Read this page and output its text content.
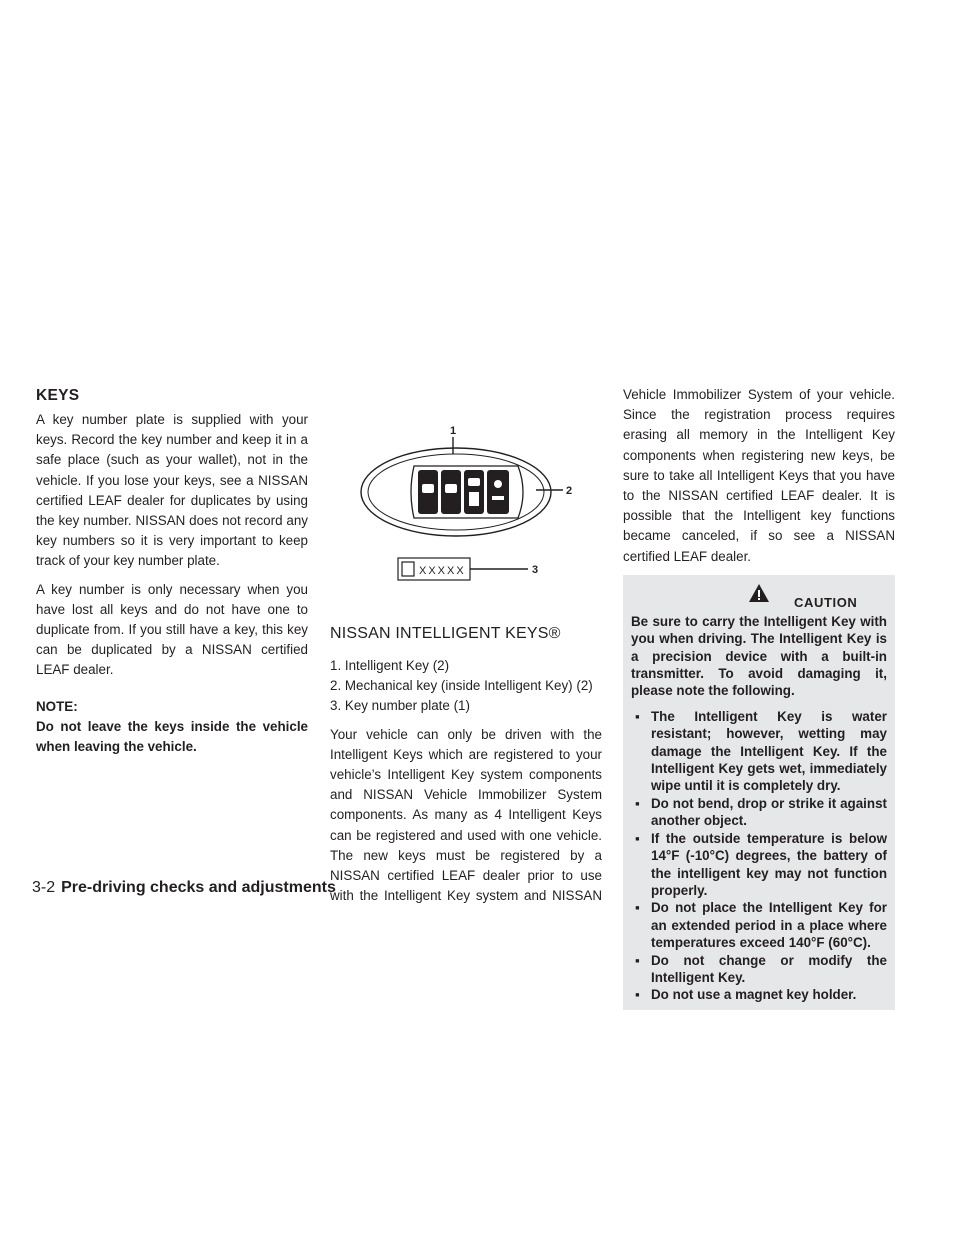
KEYS

A key number plate is supplied with your keys. Record the key number and keep it in a safe place (such as your wallet), not in the vehicle. If you lose your keys, see a NISSAN certified LEAF dealer for duplicates by using the key number. NISSAN does not record any key numbers so it is very important to keep track of your key number plate.

A key number is only necessary when you have lost all keys and do not have one to duplicate from. If you still have a key, this key can be duplicated by a NISSAN certified LEAF dealer.

NOTE:

Do not leave the keys inside the vehicle when leaving the vehicle.

1
2
XXXXX	3
NISSAN INTELLIGENT KEYS®
1. Intelligent Key (2)
2. Mechanical key (inside Intelligent Key) (2)
3. Key number plate (1)

Your vehicle can only be driven with the Intelligent Keys which are registered to your vehicle’s Intelligent Key system components and NISSAN Vehicle Immobilizer System components. As many as 4 Intelligent Keys can be registered and used with one vehicle. The new keys must be registered by a NISSAN certified LEAF dealer prior to use with the Intelligent Key system and NISSAN

Vehicle Immobilizer System of your vehicle. Since the registration process requires erasing all memory in the Intelligent Key components when registering new keys, be sure to take all Intelligent Keys that you have to the NISSAN certified LEAF dealer. It is possible that the Intelligent key functions became canceled, if so see a NISSAN certified LEAF dealer.

CAUTION

Be sure to carry the Intelligent Key with you when driving. The Intelligent Key is a precision device with a built-in transmitter. To avoid damaging it, please note the following.

▪ The Intelligent Key is water resistant; however, wetting may damage the Intelligent Key. If the Intelligent Key gets wet, immediately wipe until it is completely dry.
▪ Do not bend, drop or strike it against another object.
▪ If the outside temperature is below 14°F (-10°C) degrees, the battery of the intelligent key may not function properly.
▪ Do not place the Intelligent Key for an extended period in a place where temperatures exceed 140°F (60°C).
▪ Do not change or modify the Intelligent Key.
▪ Do not use a magnet key holder.
3-2 Pre-driving checks and adjustments
